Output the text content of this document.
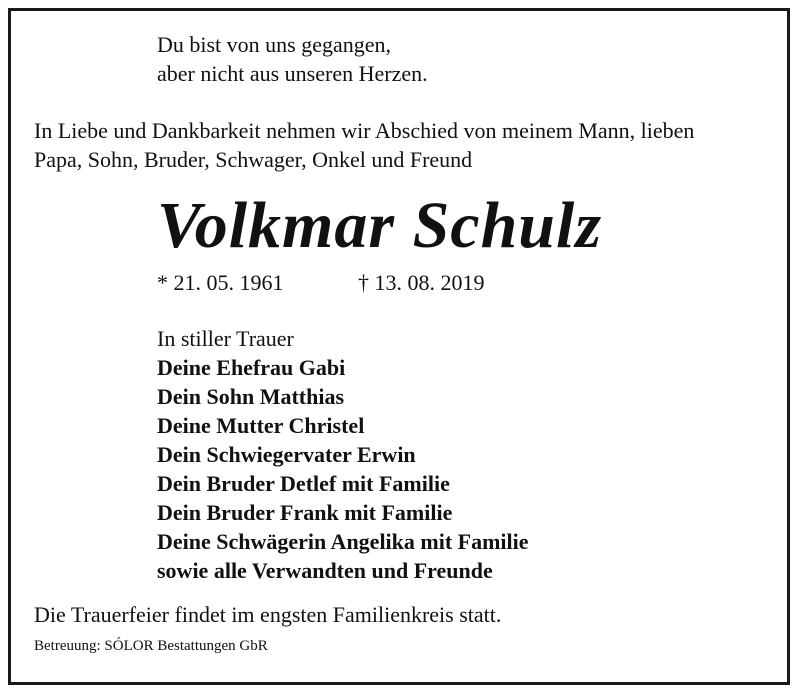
Du bist von uns gegangen,
aber nicht aus unseren Herzen.
In Liebe und Dankbarkeit nehmen wir Abschied von meinem Mann, lieben
Papa, Sohn, Bruder, Schwager, Onkel und Freund
Volkmar Schulz
* 21. 05. 1961	† 13. 08. 2019
In stiller Trauer
Deine Ehefrau Gabi
Dein Sohn Matthias
Deine Mutter Christel
Dein Schwiegervater Erwin
Dein Bruder Detlef mit Familie
Dein Bruder Frank mit Familie
Deine Schwägerin Angelika mit Familie
sowie alle Verwandten und Freunde
Die Trauerfeier findet im engsten Familienkreis statt.
Betreuung: SÓLOR Bestattungen GbR
